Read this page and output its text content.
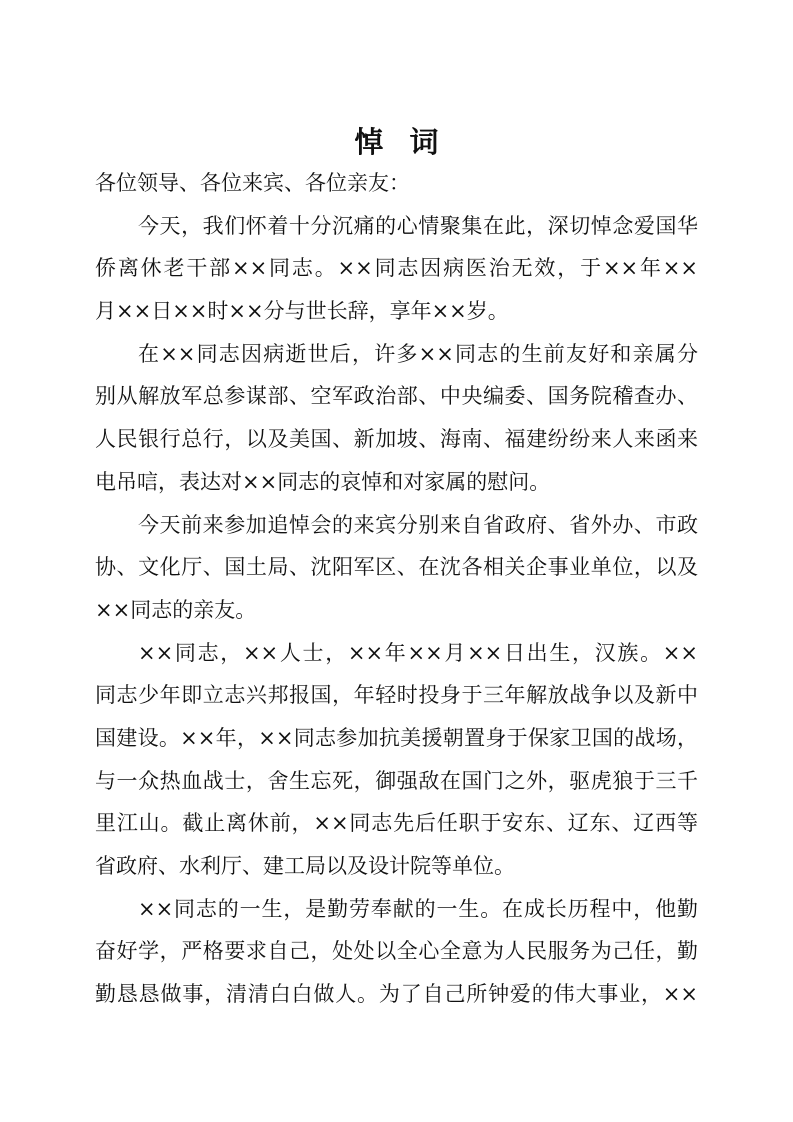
悼词
各位领导、各位来宾、各位亲友：
今天，我们怀着十分沉痛的心情聚集在此，深切悼念爱国华
侨离休老干部××同志。××同志因病医治无效，于××年××
月××日××时××分与世长辞，享年××岁。
在××同志因病逝世后，许多××同志的生前友好和亲属分
别从解放军总参谋部、空军政治部、中央编委、国务院稽查办、
人民银行总行，以及美国、新加坡、海南、福建纷纷来人来函来
电吊唁，表达对××同志的哀悼和对家属的慰问。
今天前来参加追悼会的来宾分别来自省政府、省外办、市政
协、文化厅、国土局、沈阳军区、在沈各相关企事业单位，以及
××同志的亲友。
××同志，××人士，××年××月××日出生，汉族。××
同志少年即立志兴邦报国，年轻时投身于三年解放战争以及新中
国建设。××年，××同志参加抗美援朝置身于保家卫国的战场，
与一众热血战士，舍生忘死，御强敌在国门之外，驱虎狼于三千
里江山。截止离休前，××同志先后任职于安东、辽东、辽西等
省政府、水利厅、建工局以及设计院等单位。
××同志的一生，是勤劳奉献的一生。在成长历程中，他勤
奋好学，严格要求自己，处处以全心全意为人民服务为己任，勤
勤恳恳做事，清清白白做人。为了自己所钟爱的伟大事业，××
